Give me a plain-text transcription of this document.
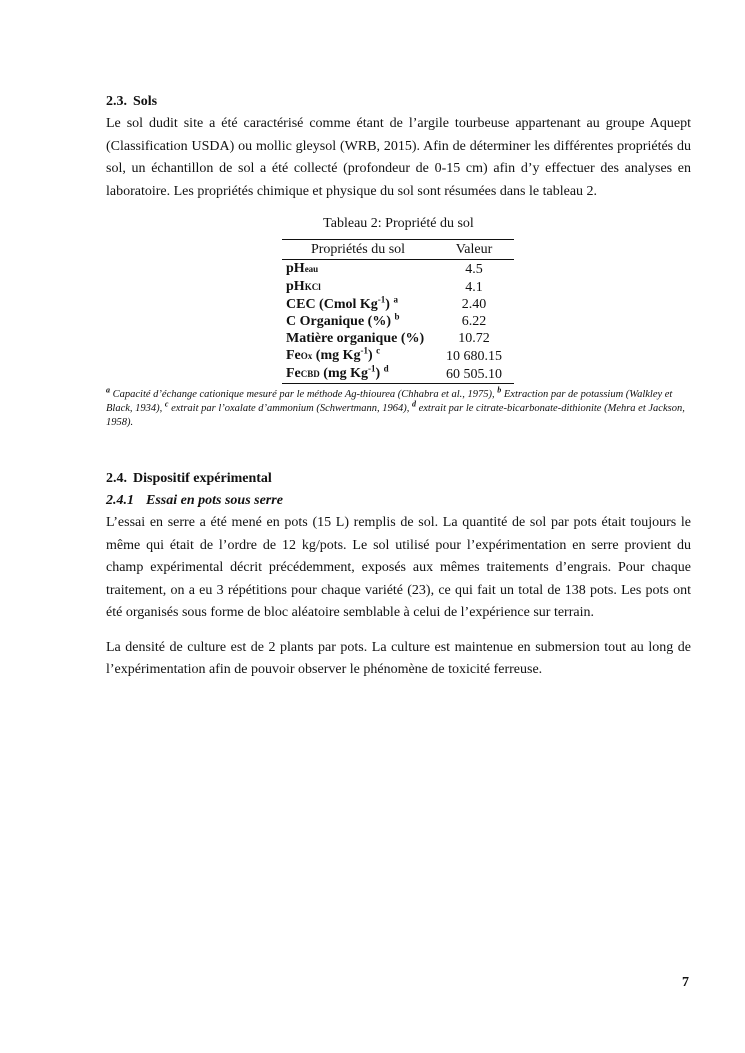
2.3. Sols

Le sol dudit site a été caractérisé comme étant de l’argile tourbeuse appartenant au groupe Aquept (Classification USDA) ou mollic gleysol (WRB, 2015). Afin de déterminer les différentes propriétés du sol, un échantillon de sol a été collecté (profondeur de 0-15 cm) afin d’y effectuer des analyses en laboratoire. Les propriétés chimique et physique du sol sont résumées dans le tableau 2.

Tableau 2: Propriété du sol

Propriétés du sol	Valeur
pHeau	4.5
pHKCl	4.1
CEC (Cmol $Kg^{-1}$) $^a$	2.40
C Organique (%) $^b$	6.22
Matière organique (%)	10.72
FeOx (mg $Kg^{-1}$) $^c$	10 680.15
FeCBD (mg $Kg^{-1}$) $^d$	60 505.10

$^a$ Capacité d’échange cationique mesuré par le méthode Ag-thiourea (Chhabra et al., 1975), $^b$ Extraction par de potassium (Walkley et Black, 1934), $^c$ extrait par l’oxalate d’ammonium (Schwertmann, 1964), $^d$ extrait par le citrate-bicarbonate-dithionite (Mehra et Jackson, 1958).

2.4. Dispositif expérimental

2.4.1 Essai en pots sous serre

L’essai en serre a été mené en pots (15 L) remplis de sol. La quantité de sol par pots était toujours le même qui était de l’ordre de 12 kg/pots. Le sol utilisé pour l’expérimentation en serre provient du champ expérimental décrit précédemment, exposés aux mêmes traitements d’engrais. Pour chaque traitement, on a eu 3 répétitions pour chaque variété (23), ce qui fait un total de 138 pots. Les pots ont été organisés sous forme de bloc aléatoire semblable à celui de l’expérience sur terrain.

La densité de culture est de 2 plants par pots. La culture est maintenue en submersion tout au long de l’expérimentation afin de pouvoir observer le phénomène de toxicité ferreuse.

7
